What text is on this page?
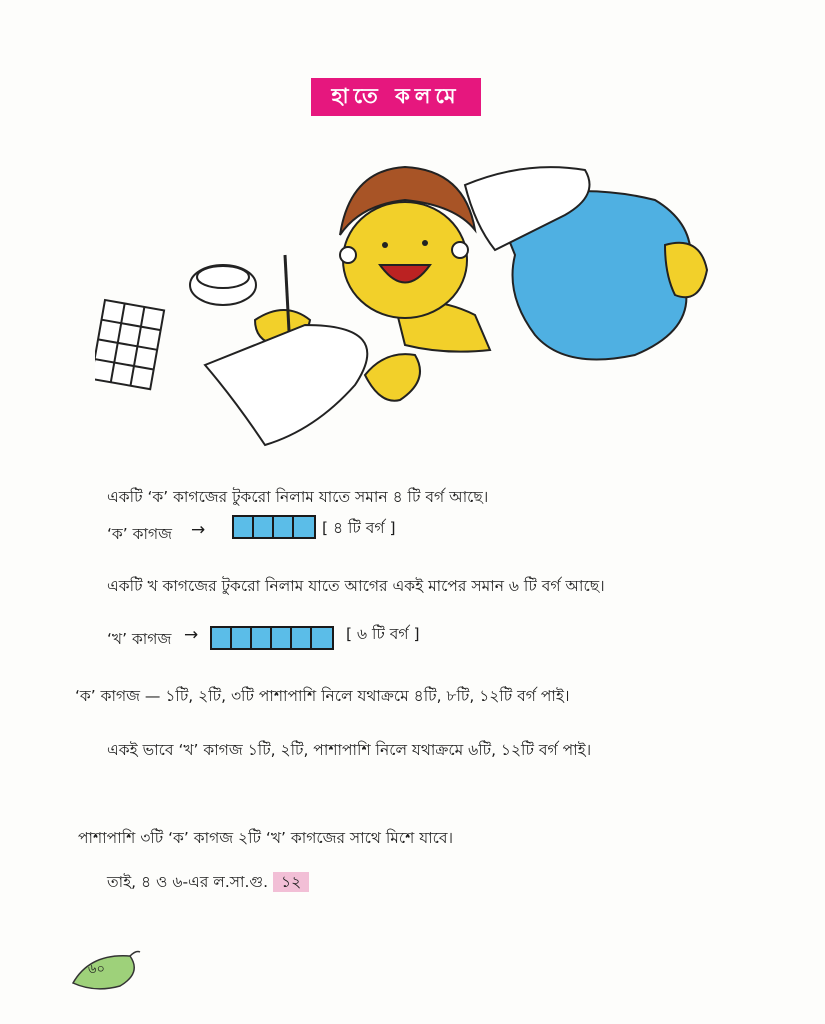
হাতে কলমে
একটি ‘ক’ কাগজের টুকরো নিলাম যাতে সমান ৪ টি বর্গ আছে।
‘ক’ কাগজ →	[ ৪ টি বর্গ ]
একটি খ কাগজের টুকরো নিলাম যাতে আগের একই মাপের সমান ৬ টি বর্গ আছে।
‘খ’ কাগজ →	[ ৬ টি বর্গ ]
‘ক’ কাগজ — ১টি, ২টি, ৩টি পাশাপাশি নিলে যথাক্রমে ৪টি, ৮টি, ১২টি বর্গ পাই।
একই ভাবে ‘খ’ কাগজ ১টি, ২টি, পাশাপাশি নিলে যথাক্রমে ৬টি, ১২টি বর্গ পাই।
পাশাপাশি ৩টি ‘ক’ কাগজ ২টি ‘খ’ কাগজের সাথে মিশে যাবে।
তাই, ৪ ও ৬-এর ল.সা.গু. ১২
৬০
